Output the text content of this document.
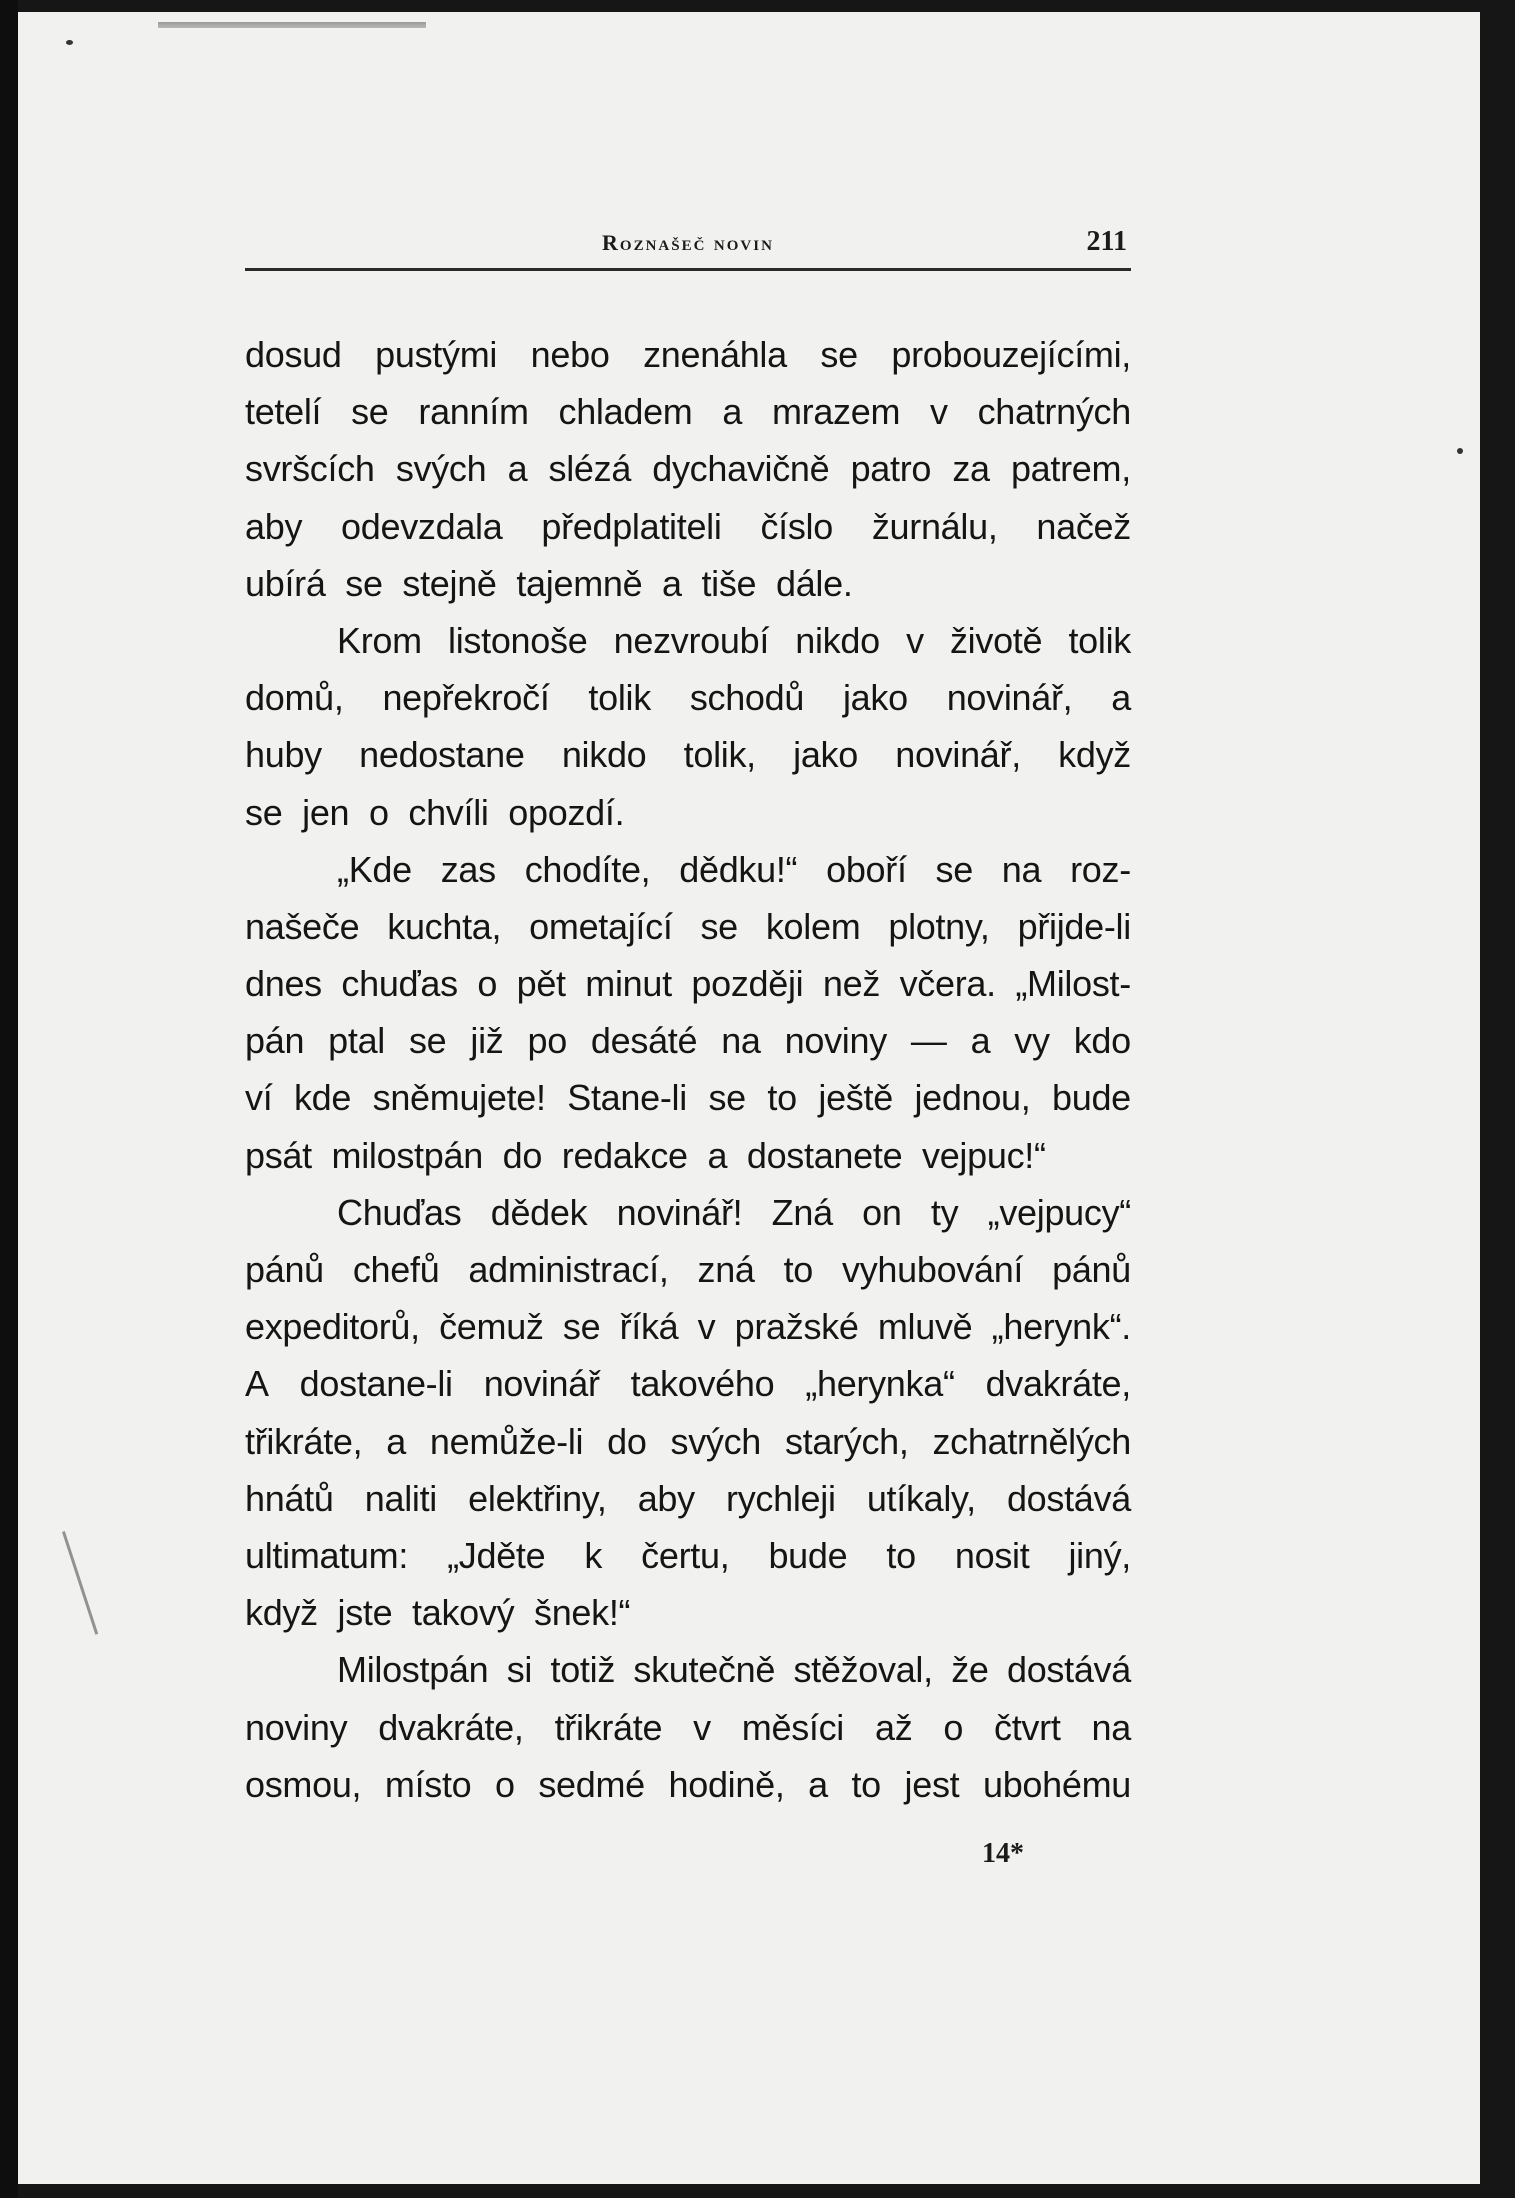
Roznašeč novin	211
dosud pustými nebo znenáhla se probouzejícími,
tetelí se ranním chladem a mrazem v chatrných
svršcích svých a slézá dychavičně patro za patrem,
aby odevzdala předplatiteli číslo žurnálu, načež
ubírá se stejně tajemně a tiše dále.
Krom listonoše nezvroubí nikdo v životě tolik
domů, nepřekročí tolik schodů jako novinář, a
huby nedostane nikdo tolik, jako novinář, když
se jen o chvíli opozdí.
„Kde zas chodíte, dědku!“ oboří se na roz-
našeče kuchta, ometající se kolem plotny, přijde-li
dnes chuďas o pět minut později než včera. „Milost-
pán ptal se již po desáté na noviny — a vy kdo
ví kde sněmujete! Stane-li se to ještě jednou, bude
psát milostpán do redakce a dostanete vejpuc!“
Chuďas dědek novinář! Zná on ty „vejpucy“
pánů chefů administrací, zná to vyhubování pánů
expeditorů, čemuž se říká v pražské mluvě „herynk“.
A dostane-li novinář takového „herynka“ dvakráte,
třikráte, a nemůže-li do svých starých, zchatrnělých
hnátů naliti elektřiny, aby rychleji utíkaly, dostává
ultimatum: „Jděte k čertu, bude to nosit jiný,
když jste takový šnek!“
Milostpán si totiž skutečně stěžoval, že dostává
noviny dvakráte, třikráte v měsíci až o čtvrt na
osmou, místo o sedmé hodině, a to jest ubohému
14*
